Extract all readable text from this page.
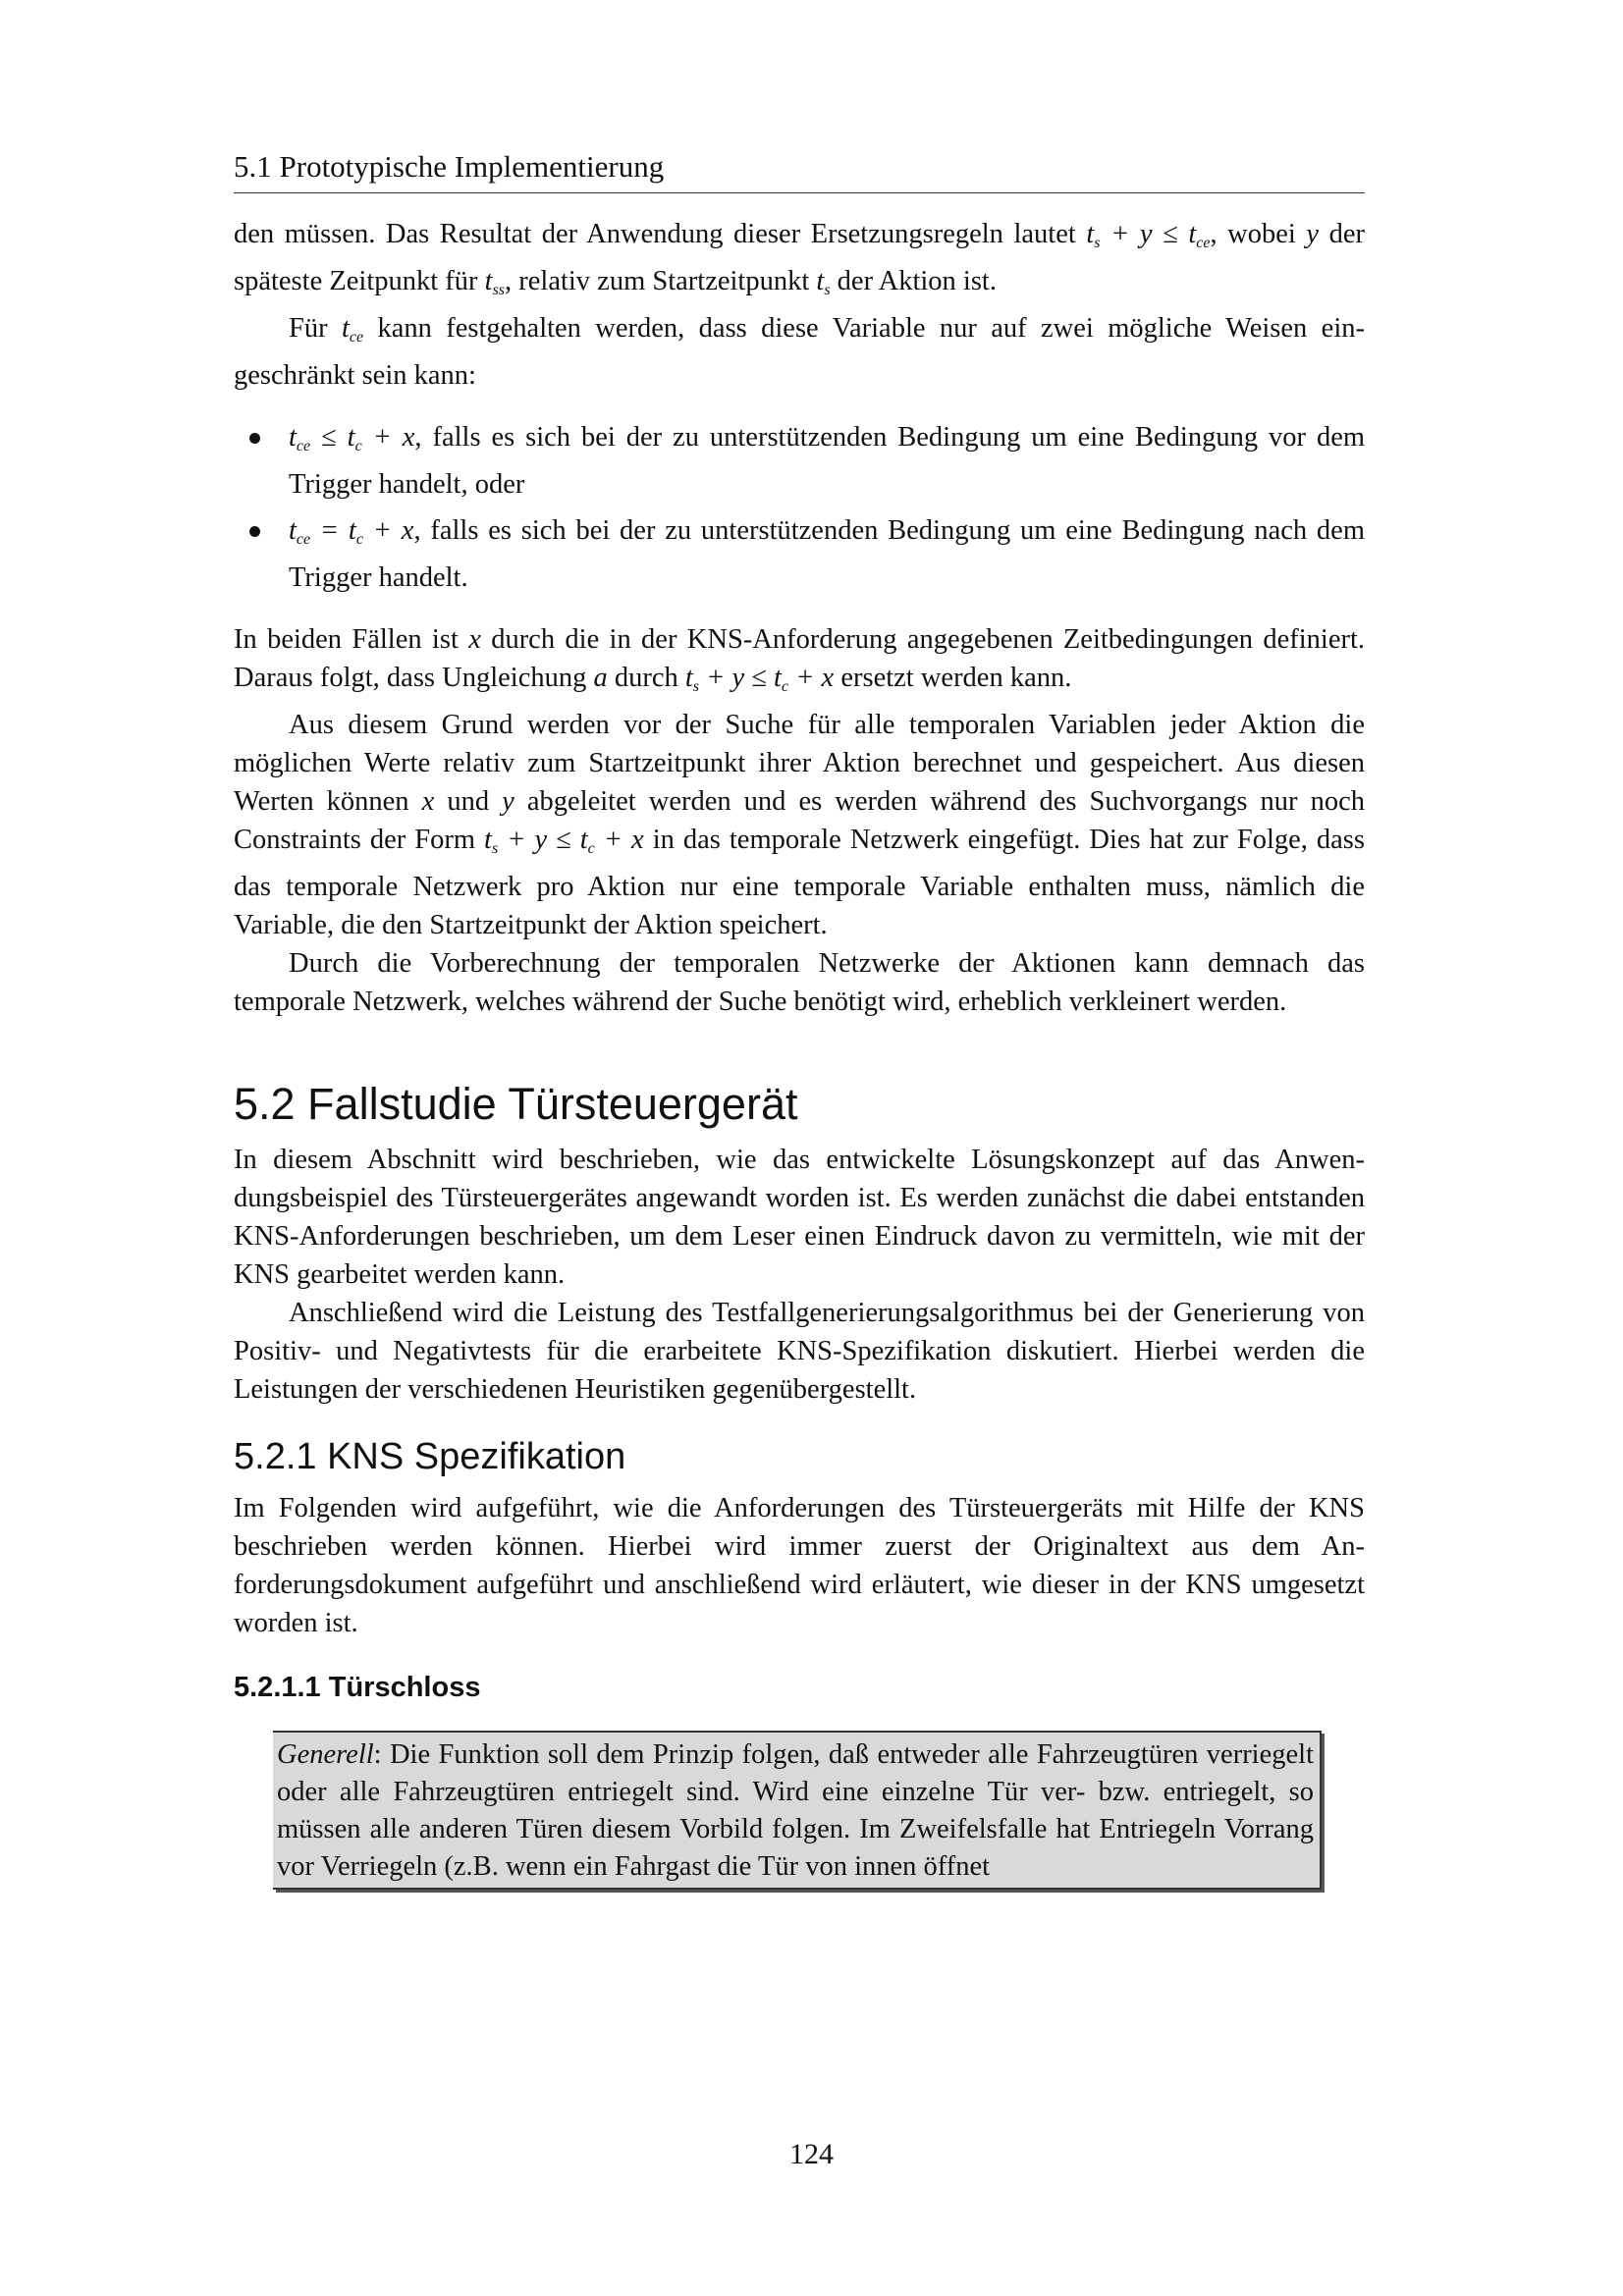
5.1 Prototypische Implementierung

den müssen. Das Resultat der Anwendung dieser Ersetzungsregeln lautet $t_s + y \le t_{ce}$, wobei y der späteste Zeitpunkt für $t_{ss}$, relativ zum Startzeitpunkt $t_s$ der Aktion ist.

Für $t_{ce}$ kann festgehalten werden, dass diese Variable nur auf zwei mögliche Weisen eingeschränkt sein kann:

$t_{ce} \le t_c + x$, falls es sich bei der zu unterstützenden Bedingung um eine Bedingung vor dem Trigger handelt, oder
$t_{ce} = t_c + x$, falls es sich bei der zu unterstützenden Bedingung um eine Bedingung nach dem Trigger handelt.

In beiden Fällen ist x durch die in der KNS-Anforderung angegebenen Zeitbedingungen definiert. Daraus folgt, dass Ungleichung a durch $t_s + y \le t_c + x$ ersetzt werden kann.

Aus diesem Grund werden vor der Suche für alle temporalen Variablen jeder Aktion die möglichen Werte relativ zum Startzeitpunkt ihrer Aktion berechnet und gespeichert. Aus diesen Werten können x und y abgeleitet werden und es werden während des Suchvorgangs nur noch Constraints der Form $t_s + y \le t_c + x$ in das temporale Netzwerk eingefügt. Dies hat zur Folge, dass das temporale Netzwerk pro Aktion nur eine temporale Variable enthalten muss, nämlich die Variable, die den Startzeitpunkt der Aktion speichert.

Durch die Vorberechnung der temporalen Netzwerke der Aktionen kann demnach das temporale Netzwerk, welches während der Suche benötigt wird, erheblich verkleinert werden.

5.2 Fallstudie Türsteuergerät

In diesem Abschnitt wird beschrieben, wie das entwickelte Lösungskonzept auf das Anwendungsbeispiel des Türsteuergerätes angewandt worden ist. Es werden zunächst die dabei entstanden KNS-Anforderungen beschrieben, um dem Leser einen Eindruck davon zu vermitteln, wie mit der KNS gearbeitet werden kann.

Anschließend wird die Leistung des Testfallgenerierungsalgorithmus bei der Generierung von Positiv- und Negativtests für die erarbeitete KNS-Spezifikation diskutiert. Hierbei werden die Leistungen der verschiedenen Heuristiken gegenübergestellt.

5.2.1 KNS Spezifikation

Im Folgenden wird aufgeführt, wie die Anforderungen des Türsteuergeräts mit Hilfe der KNS beschrieben werden können. Hierbei wird immer zuerst der Originaltext aus dem Anforderungsdokument aufgeführt und anschließend wird erläutert, wie dieser in der KNS umgesetzt worden ist.

5.2.1.1 Türschloss

Generell: Die Funktion soll dem Prinzip folgen, daß entweder alle Fahrzeugtüren verriegelt oder alle Fahrzeugtüren entriegelt sind. Wird eine einzelne Tür ver- bzw. entriegelt, so müssen alle anderen Türen diesem Vorbild folgen. Im Zweifelsfalle hat Entriegeln Vorrang vor Verriegeln (z.B. wenn ein Fahrgast die Tür von innen öffnet

124
